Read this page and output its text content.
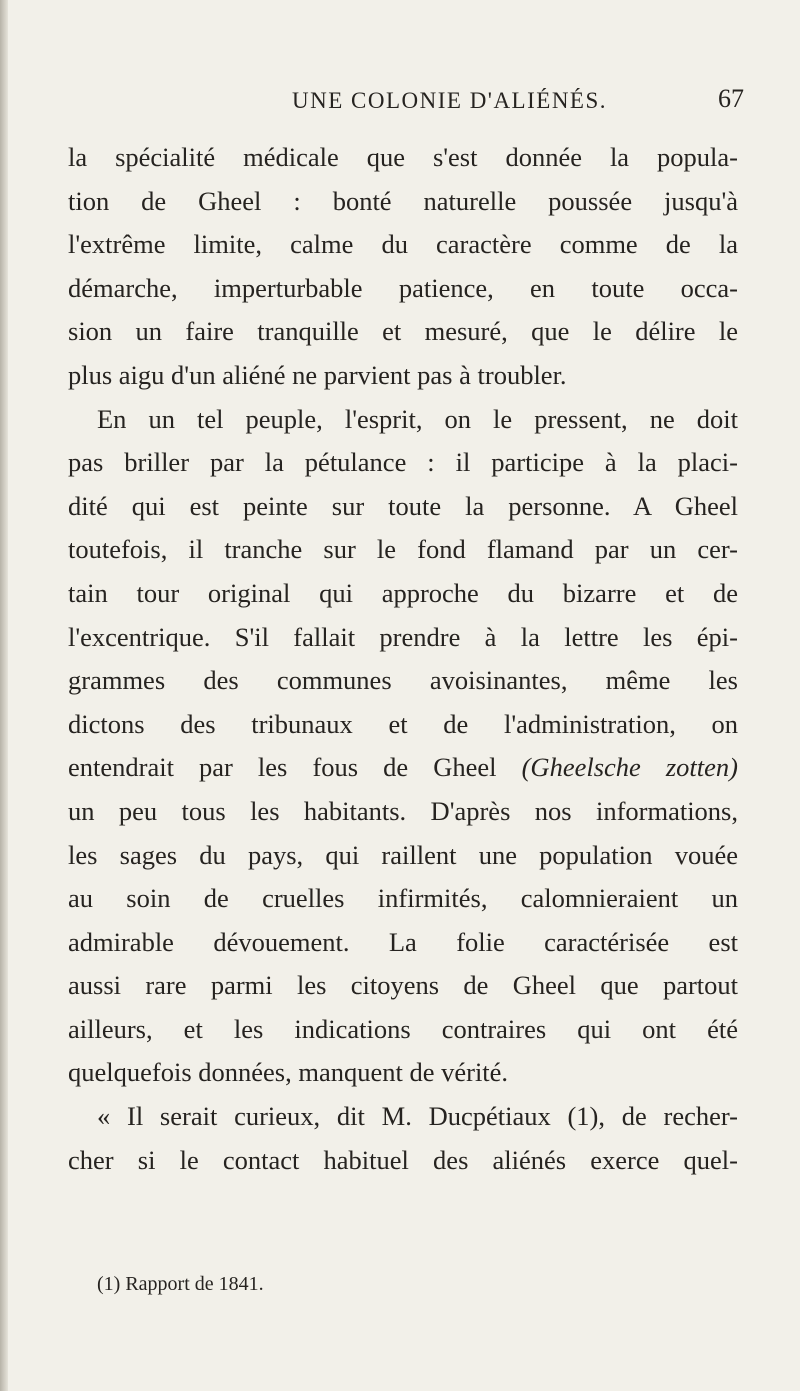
UNE COLONIE D'ALIÉNÉS.	67
la spécialité médicale que s'est donnée la popula-
tion de Gheel : bonté naturelle poussée jusqu'à
l'extrême limite, calme du caractère comme de la
démarche, imperturbable patience, en toute occa-
sion un faire tranquille et mesuré, que le délire le
plus aigu d'un aliéné ne parvient pas à troubler.
En un tel peuple, l'esprit, on le pressent, ne doit
pas briller par la pétulance : il participe à la placi-
dité qui est peinte sur toute la personne. A Gheel
toutefois, il tranche sur le fond flamand par un cer-
tain tour original qui approche du bizarre et de
l'excentrique. S'il fallait prendre à la lettre les épi-
grammes des communes avoisinantes, même les
dictons des tribunaux et de l'administration, on
entendrait par les fous de Gheel (Gheelsche zotten)
un peu tous les habitants. D'après nos informations,
les sages du pays, qui raillent une population vouée
au soin de cruelles infirmités, calomnieraient un
admirable dévouement. La folie caractérisée est
aussi rare parmi les citoyens de Gheel que partout
ailleurs, et les indications contraires qui ont été
quelquefois données, manquent de vérité.
« Il serait curieux, dit M. Ducpétiaux (1), de recher-
cher si le contact habituel des aliénés exerce quel-
(1) Rapport de 1841.
